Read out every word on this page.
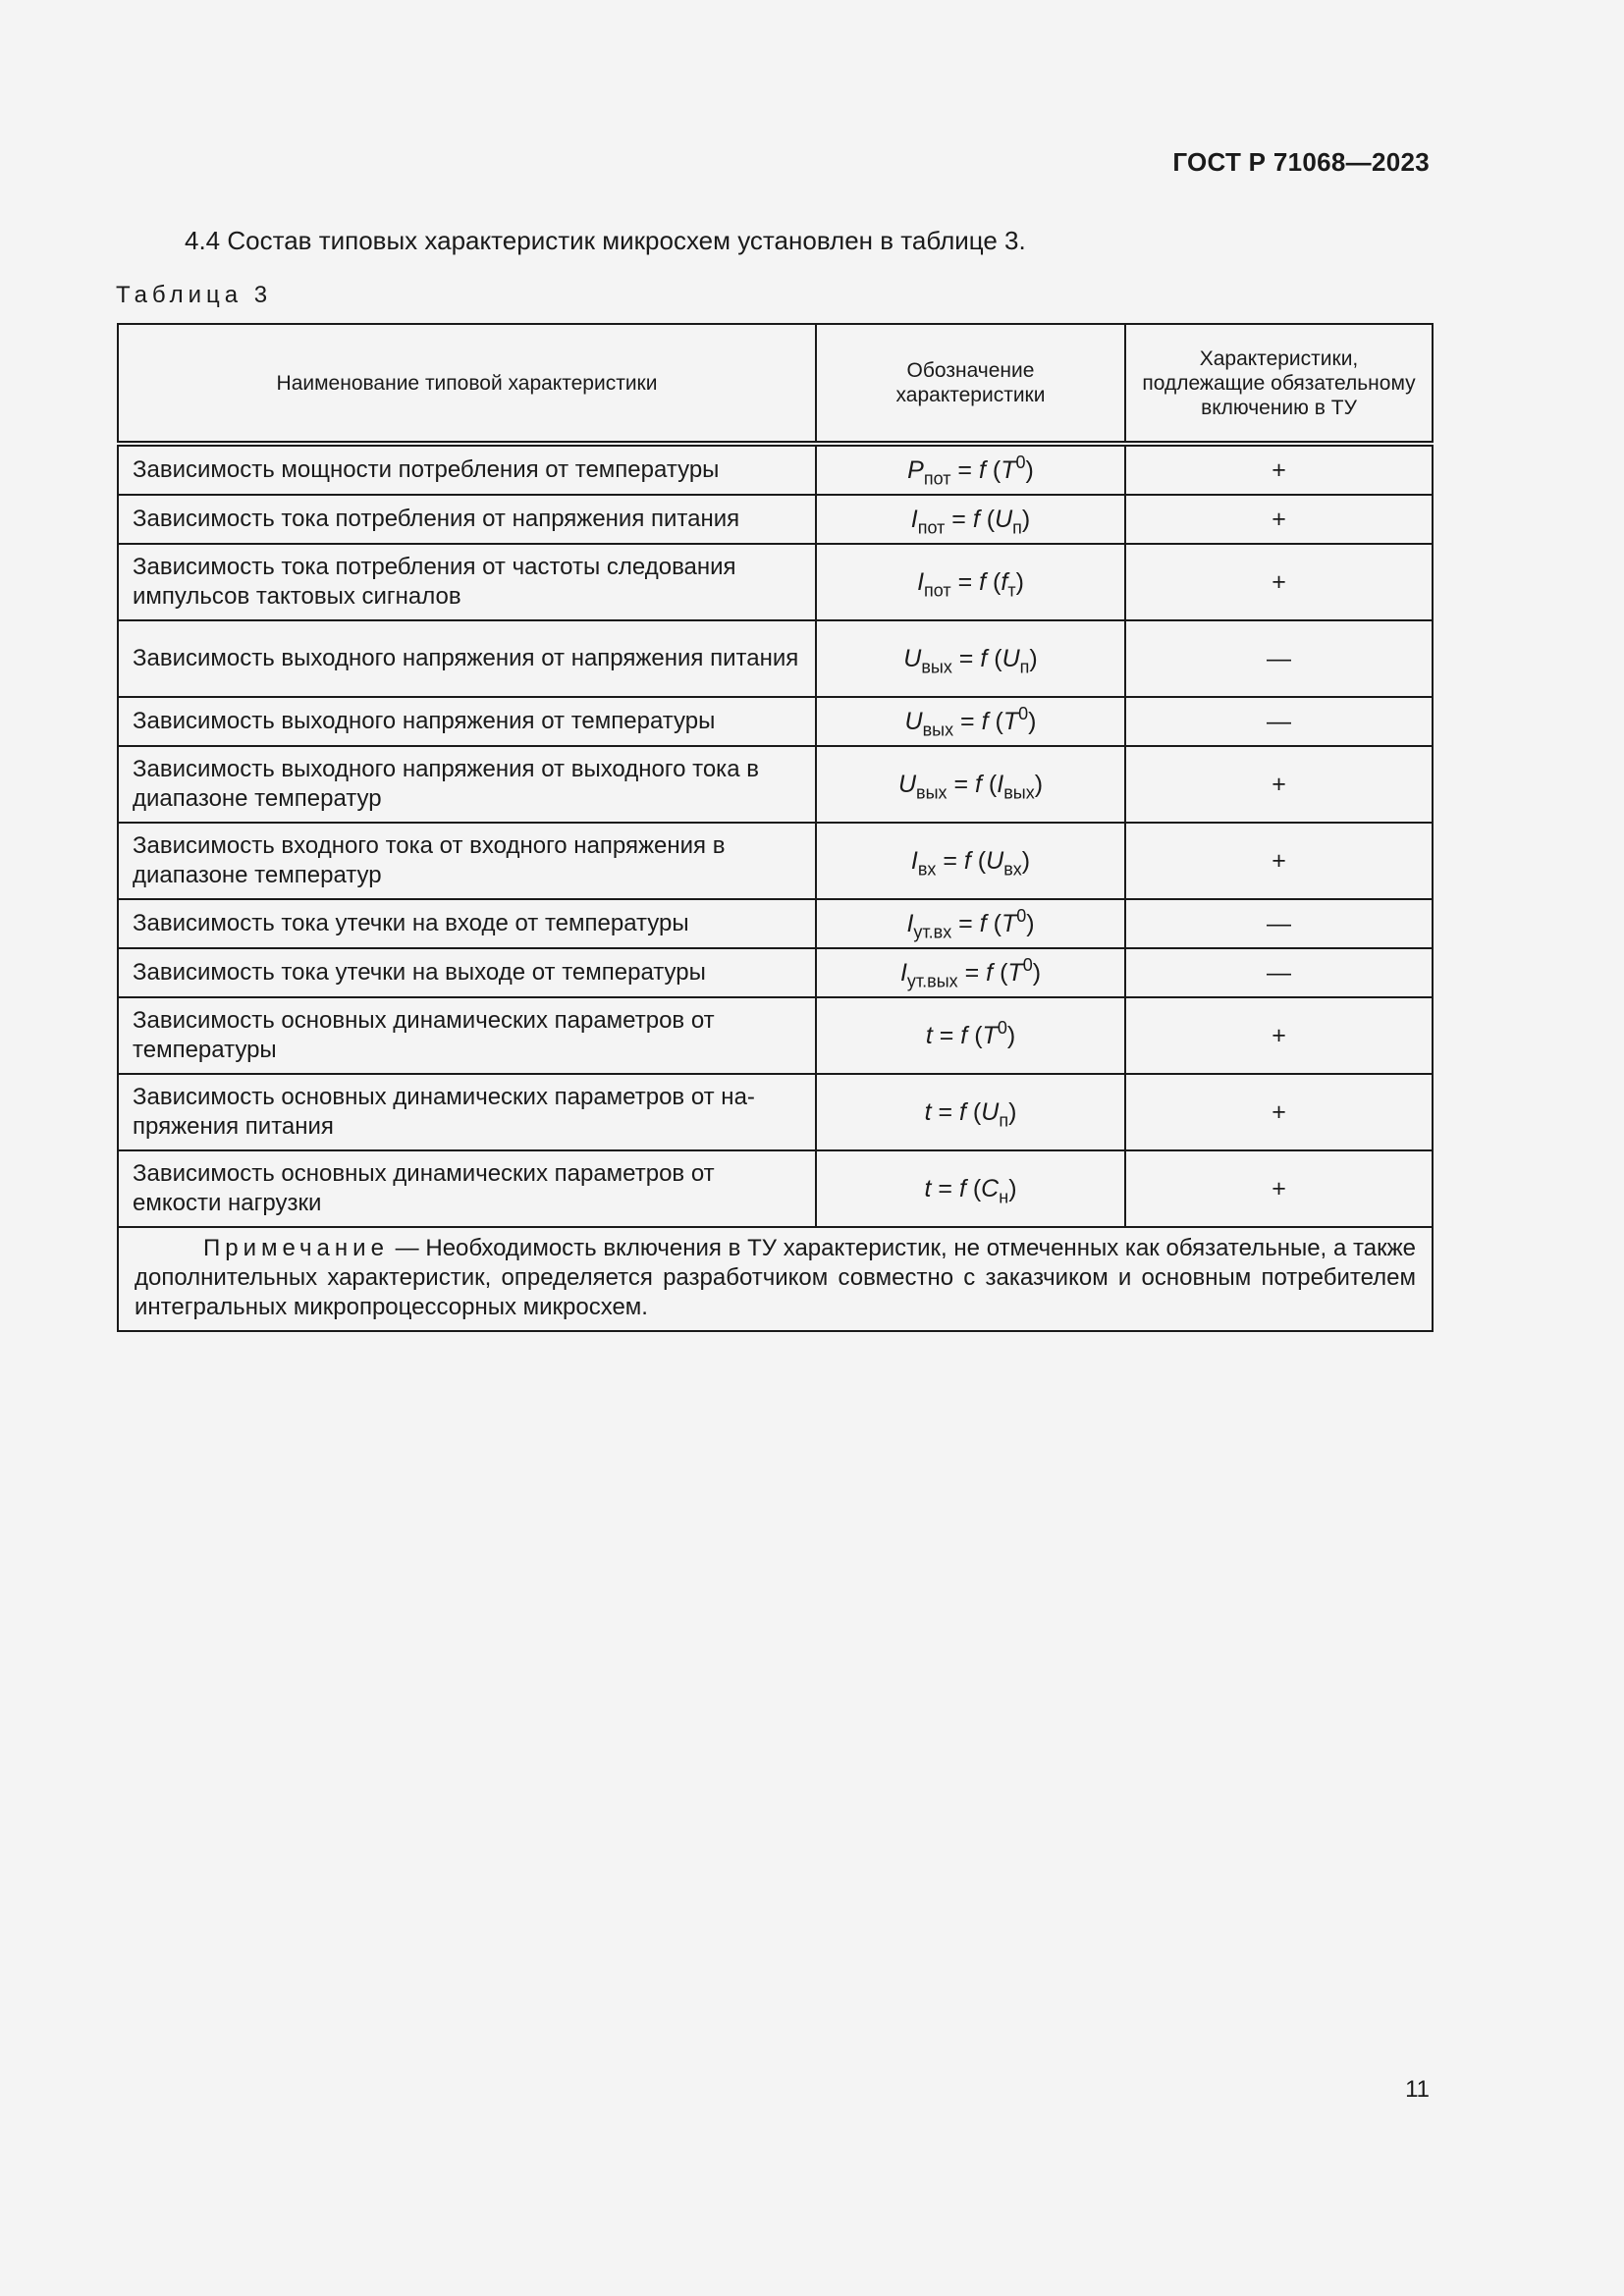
ГОСТ Р 71068—2023
4.4 Состав типовых характеристик микросхем установлен в таблице 3.
Таблица 3
Наименование типовой характеристики	Обозначение характеристики	Характеристики, подлежащие обязательному включению в ТУ
Зависимость мощности потребления от температуры	$P_{пот} = f$ $(T^0)$	+
Зависимость тока потребления от напряжения питания	$I_{пот} = f$ $(U_п)$	+
Зависимость тока потребления от частоты следования импульсов тактовых сигналов	$I_{пот} = f$ $(f_т)$	+
Зависимость выходного напряжения от напряжения питания	$U_{вых} = f$ $(U_п)$	—
Зависимость выходного напряжения от температуры	$U_{вых} = f$ $(T^0)$	—
Зависимость выходного напряжения от выходного тока в диапазоне температур	$U_{вых} = f$ $(I_{вых})$	+
Зависимость входного тока от входного напряжения в диапазоне температур	$I_{вх} = f$ $(U_{вх})$	+
Зависимость тока утечки на входе от температуры	$I_{ут.вх} = f$ $(T^0)$	—
Зависимость тока утечки на выходе от температуры	$I_{ут.вых} = f$ $(T^0)$	—
Зависимость основных динамических параметров от температуры	t = f $(T^0)$	+
Зависимость основных динамических параметров от на-пряжения питания	t = f $(U_п)$	+
Зависимость основных динамических параметров от емкости нагрузки	t = f $(C_н)$	+
Примечание — Необходимость включения в ТУ характеристик, не отмеченных как обязательные, а также дополнительных характеристик, определяется разработчиком совместно с заказчиком и основным потребителем интегральных микропроцессорных микросхем.		
11
